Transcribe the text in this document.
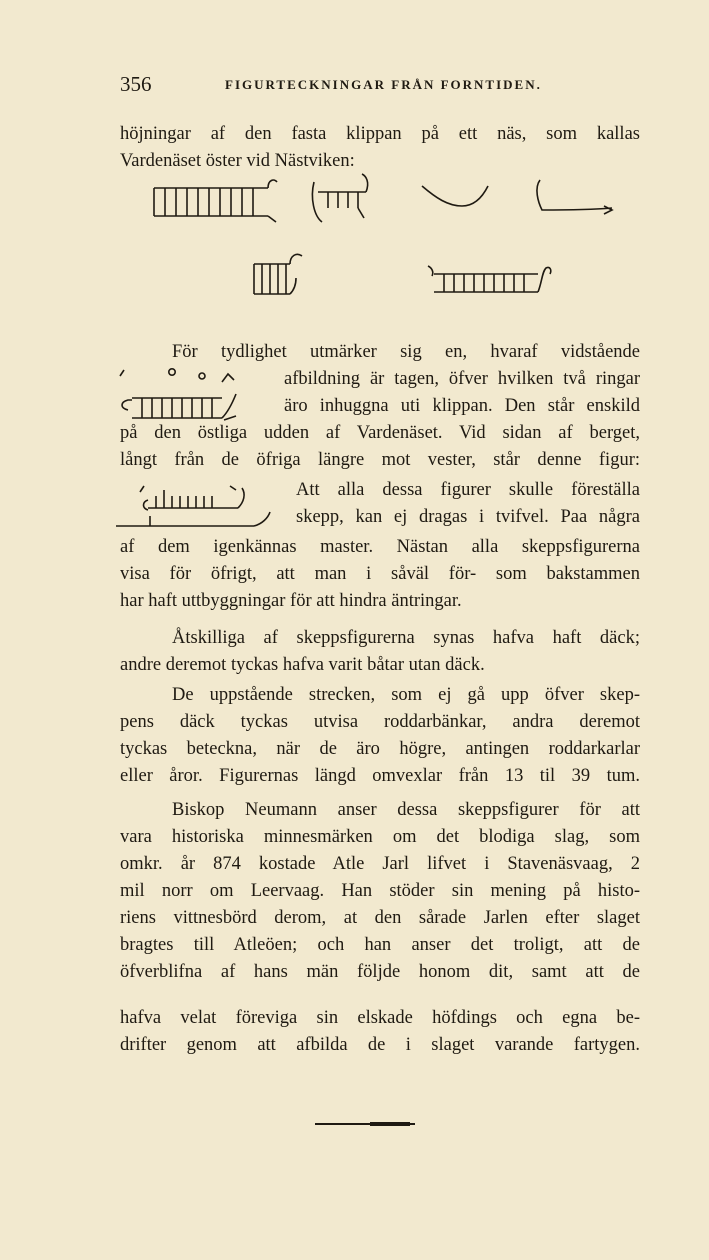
356	FIGURTECKNINGAR FRÅN FORNTIDEN.
höjningar af den fasta klippan på ett näs, som kallas
Vardenäset öster vid Nästviken:
För tydlighet utmärker sig en, hvaraf vidstående
afbildning är tagen, öfver hvilken två ringar
äro inhuggna uti klippan. Den står enskild
på den östliga udden af Vardenäset. Vid sidan af berget,
långt från de öfriga längre mot vester, står denne figur:
Att alla dessa figurer skulle föreställa
skepp, kan ej dragas i tvifvel. Paa några
af dem igenkännas master. Nästan alla skeppsfigurerna
visa för öfrigt, att man i såväl för- som bakstammen
har haft uttbyggningar för att hindra äntringar.
Åtskilliga af skeppsfigurerna synas hafva haft däck;
andre deremot tyckas hafva varit båtar utan däck.
De uppstående strecken, som ej gå upp öfver skep-
pens däck tyckas utvisa roddarbänkar, andra deremot
tyckas beteckna, när de äro högre, antingen roddarkarlar
eller åror. Figurernas längd omvexlar från 13 til 39 tum.
Biskop Neumann anser dessa skeppsfigurer för att
vara historiska minnesmärken om det blodiga slag, som
omkr. år 874 kostade Atle Jarl lifvet i Stavenäsvaag, 2
mil norr om Leervaag. Han stöder sin mening på histo-
riens vittnesbörd derom, at den sårade Jarlen efter slaget
bragtes till Atleöen; och han anser det troligt, att de
öfverblifna af hans män följde honom dit, samt att de
hafva velat föreviga sin elskade höfdings och egna be-
drifter genom att afbilda de i slaget varande fartygen.
